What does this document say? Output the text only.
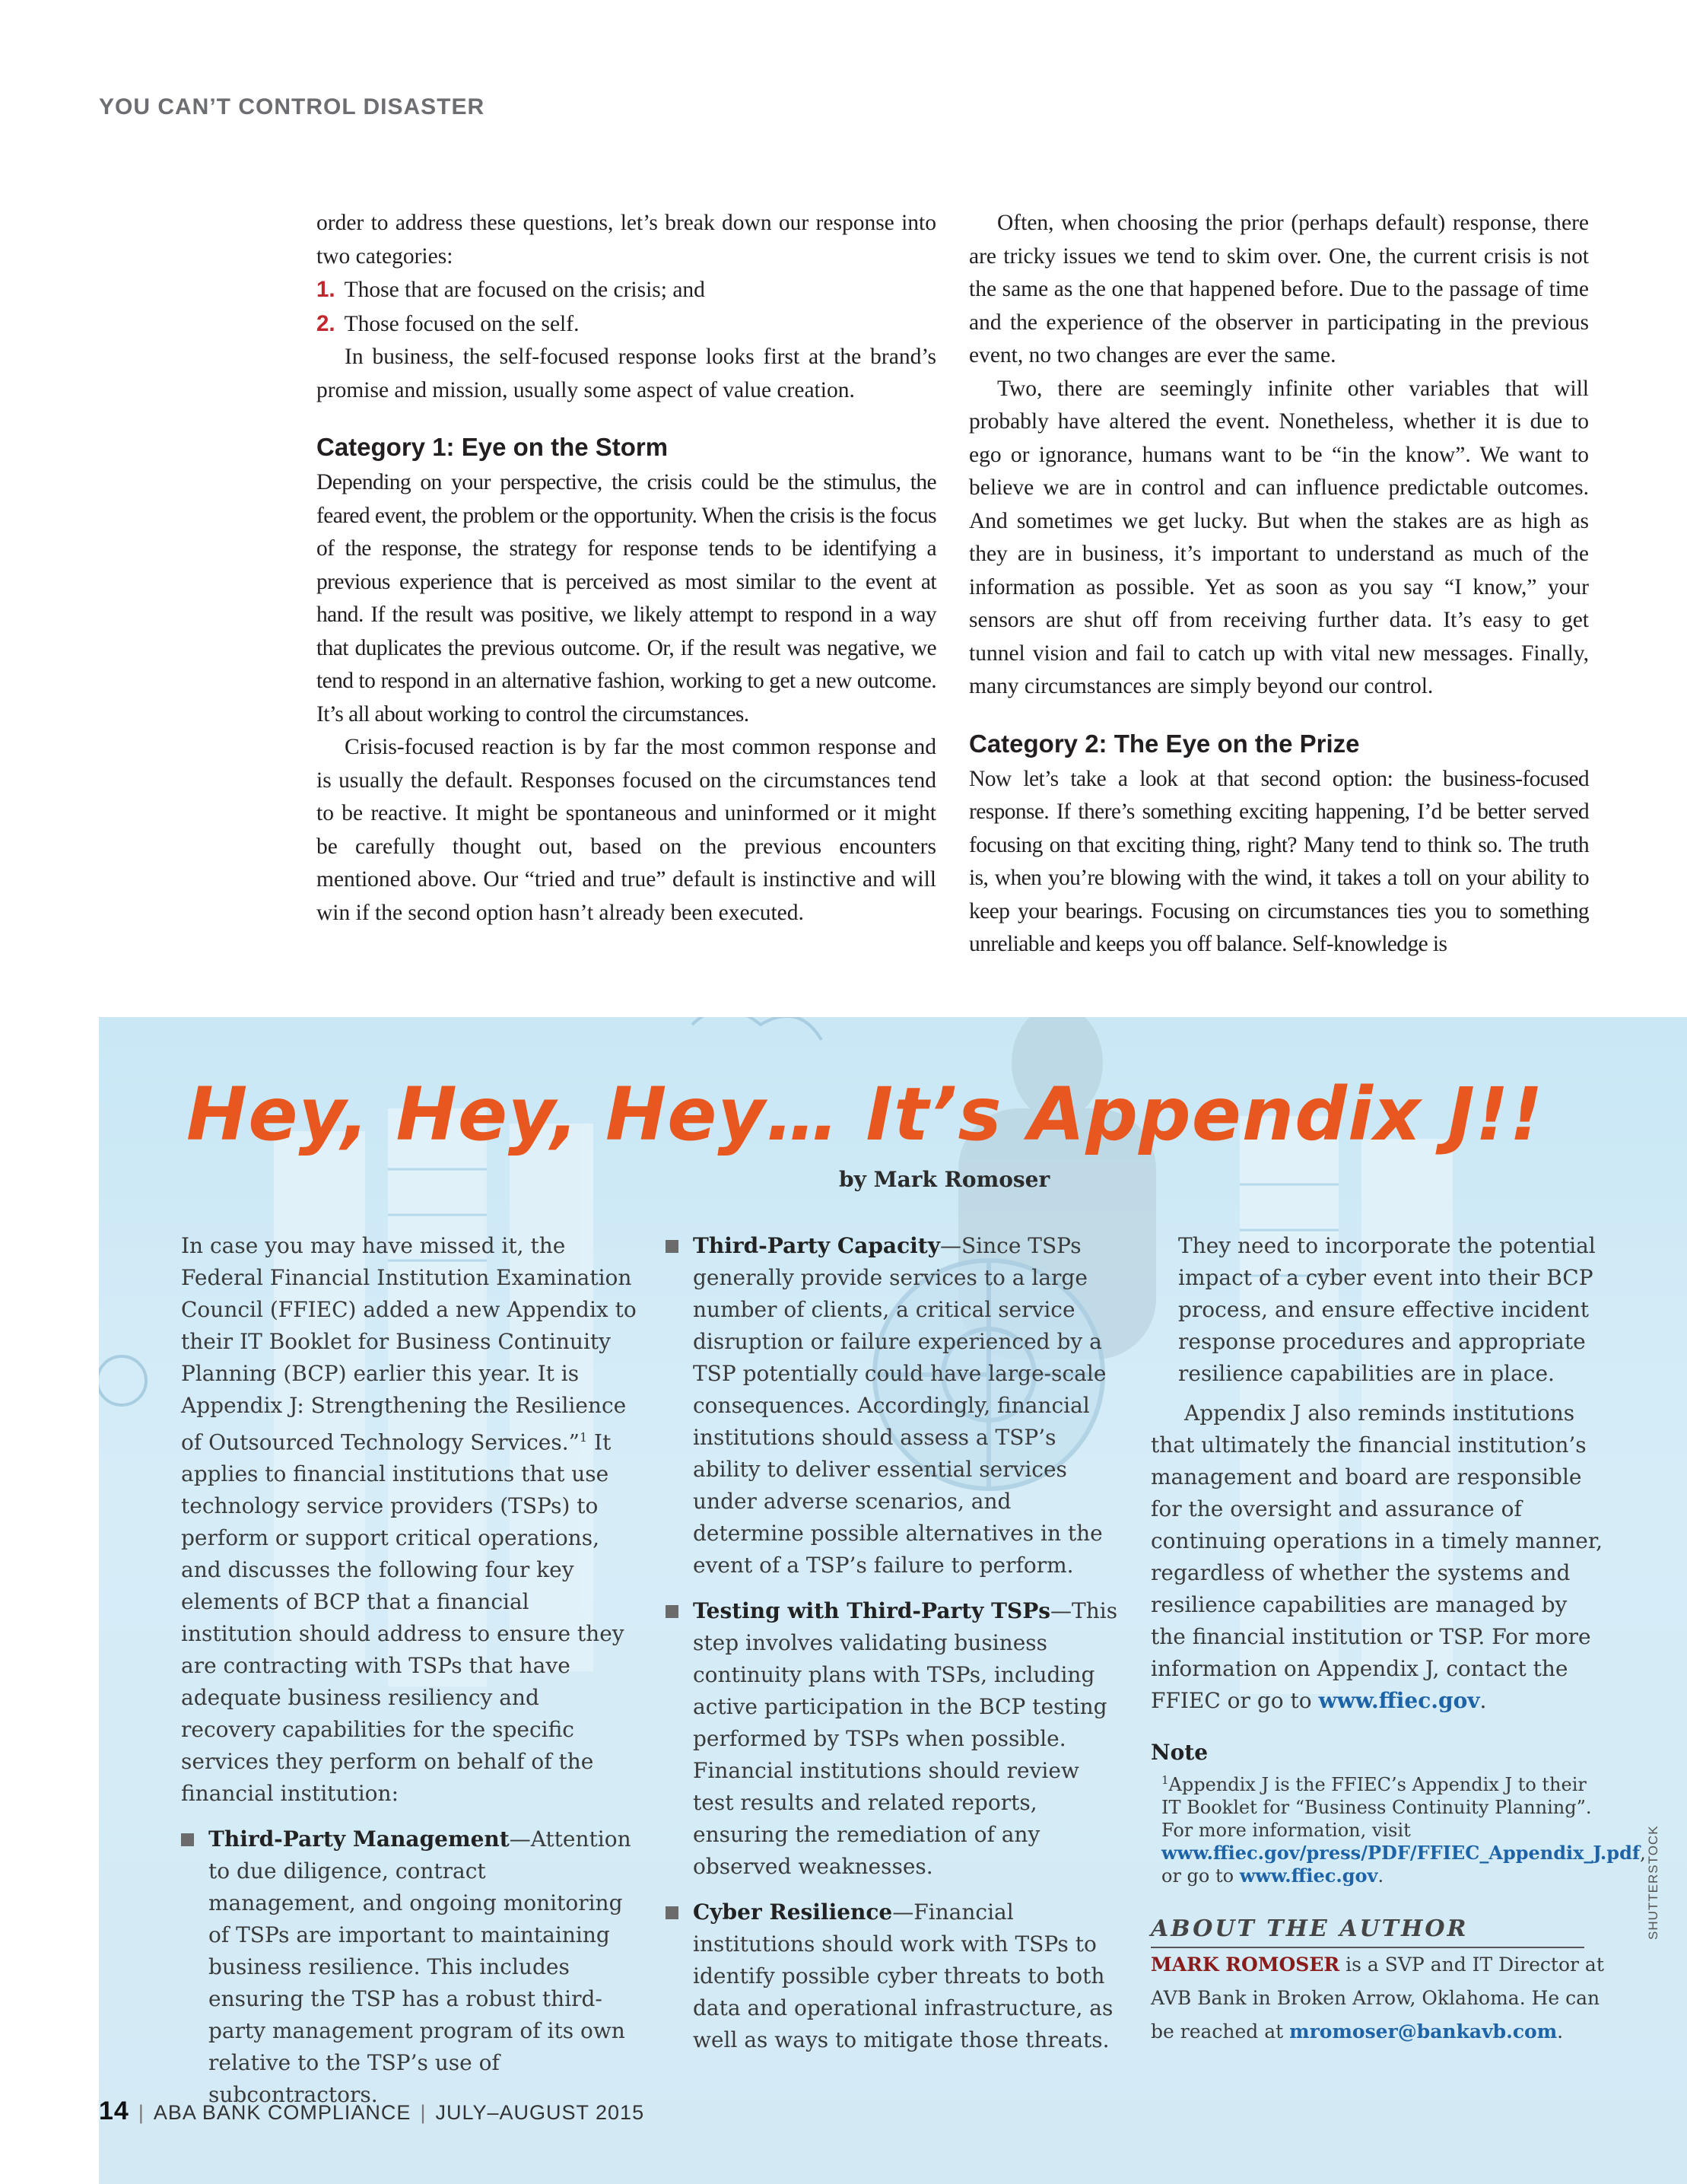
YOU CAN’T CONTROL DISASTER

order to address these questions, let’s break down our response into two categories:

1. Those that are focused on the crisis; and
2. Those focused on the self.

In business, the self-focused response looks first at the brand’s promise and mission, usually some aspect of value creation.

Category 1: Eye on the Storm

Depending on your perspective, the crisis could be the stimulus, the feared event, the problem or the opportunity. When the crisis is the focus of the response, the strategy for response tends to be identifying a previous experience that is perceived as most similar to the event at hand. If the result was positive, we likely attempt to respond in a way that duplicates the previous outcome. Or, if the result was negative, we tend to respond in an alternative fashion, working to get a new outcome. It’s all about working to control the circumstances.

Crisis-focused reaction is by far the most common response and is usually the default. Responses focused on the circumstances tend to be reactive. It might be spontaneous and uninformed or it might be carefully thought out, based on the previous encounters mentioned above. Our “tried and true” default is instinctive and will win if the second option hasn’t already been executed.

Often, when choosing the prior (perhaps default) response, there are tricky issues we tend to skim over. One, the current crisis is not the same as the one that happened before. Due to the passage of time and the experience of the observer in participating in the previous event, no two changes are ever the same.

Two, there are seemingly infinite other variables that will probably have altered the event. Nonetheless, whether it is due to ego or ignorance, humans want to be “in the know”. We want to believe we are in control and can influence predictable outcomes. And sometimes we get lucky. But when the stakes are as high as they are in business, it’s important to understand as much of the information as possible. Yet as soon as you say “I know,” your sensors are shut off from receiving further data. It’s easy to get tunnel vision and fail to catch up with vital new messages. Finally, many circumstances are simply beyond our control.

Category 2: The Eye on the Prize

Now let’s take a look at that second option: the business-focused response. If there’s something exciting happening, I’d be better served focusing on that exciting thing, right? Many tend to think so. The truth is, when you’re blowing with the wind, it takes a toll on your ability to keep your bearings. Focusing on circumstances ties you to something unreliable and keeps you off balance. Self-knowledge is

Hey, Hey, Hey… It’s Appendix J!!
by Mark Romoser

In case you may have missed it, the Federal Financial Institution Examination Council (FFIEC) added a new Appendix to their IT Booklet for Business Continuity Planning (BCP) earlier this year. It is Appendix J: Strengthening the Resilience of Outsourced Technology Services.”$^1$ It applies to financial institutions that use technology service providers (TSPs) to perform or support critical operations, and discusses the following four key elements of BCP that a financial institution should address to ensure they are contracting with TSPs that have adequate business resiliency and recovery capabilities for the specific services they perform on behalf of the financial institution:

Third-Party Management—Attention to due diligence, contract management, and ongoing monitoring of TSPs are important to maintaining business resilience. This includes ensuring the TSP has a robust third-party management program of its own relative to the TSP’s use of subcontractors.
Third-Party Capacity—Since TSPs generally provide services to a large number of clients, a critical service disruption or failure experienced by a TSP potentially could have large-scale consequences. Accordingly, financial institutions should assess a TSP’s ability to deliver essential services under adverse scenarios, and determine possible alternatives in the event of a TSP’s failure to perform.
Testing with Third-Party TSPs—This step involves validating business continuity plans with TSPs, including active participation in the BCP testing performed by TSPs when possible. Financial institutions should review test results and related reports, ensuring the remediation of any observed weaknesses.
Cyber Resilience—Financial institutions should work with TSPs to identify possible cyber threats to both data and operational infrastructure, as well as ways to mitigate those threats.

They need to incorporate the potential impact of a cyber event into their BCP process, and ensure effective incident response procedures and appropriate resilience capabilities are in place.

Appendix J also reminds institutions that ultimately the financial institution’s management and board are responsible for the oversight and assurance of continuing operations in a timely manner, regardless of whether the systems and resilience capabilities are managed by the financial institution or TSP. For more information on Appendix J, contact the FFIEC or go to www.ffiec.gov.

Note

$^1$Appendix J is the FFIEC’s Appendix J to their IT Booklet for “Business Continuity Planning”. For more information, visit www.ffiec.gov/press/PDF/FFIEC_Appendix_J.pdf, or go to www.ffiec.gov.

ABOUT THE AUTHOR

MARK ROMOSER is a SVP and IT Director at AVB Bank in Broken Arrow, Oklahoma. He can be reached at mromoser@bankavb.com.

SHUTTERSTOCK
14 | ABA BANK COMPLIANCE | JULY–AUGUST 2015
